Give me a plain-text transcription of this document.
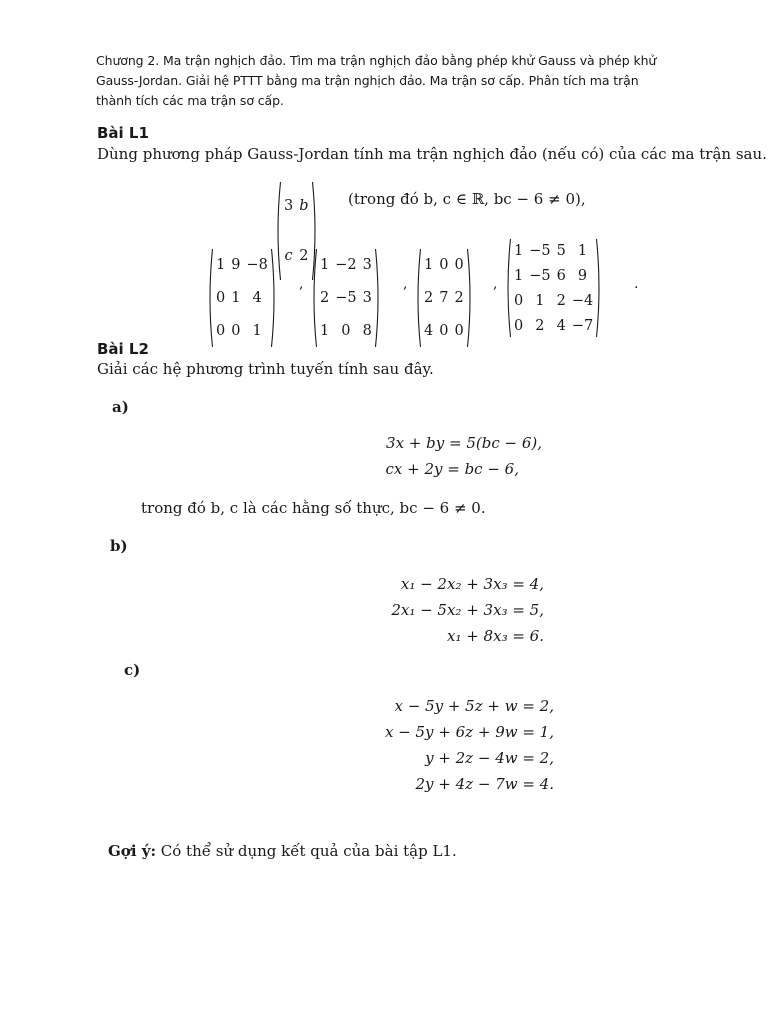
Chương 2. Ma trận nghịch đảo. Tìm ma trận nghịch đảo bằng phép khử Gauss và phép khử
Gauss-Jordan. Giải hệ PTTT bằng ma trận nghịch đảo. Ma trận sơ cấp. Phân tích ma trận
thành tích các ma trận sơ cấp.
Bài L1
Dùng phương pháp Gauss-Jordan tính ma trận nghịch đảo (nếu có) của các ma trận sau.
3	b
c	2
(trong đó b, c ∈ ℝ, bc − 6 ≠ 0),
1	9	−8
0	1	4
0	0	1
,
1	−2	3
2	−5	3
1	0	8
,
1	0	0
2	7	2
4	0	0
,
1	−5	5	1
1	−5	6	9
0	1	2	−4
0	2	4	−7
.
Bài L2
Giải các hệ phương trình tuyến tính sau đây.
a)
3x + by = 5(bc − 6),
cx + 2y = bc − 6,
trong đó b, c là các hằng số thực, bc − 6 ≠ 0.
b)
x₁ − 2x₂ + 3x₃ = 4,
2x₁ − 5x₂ + 3x₃ = 5,
x₁ + 8x₃ = 6.
c)
x − 5y + 5z + w = 2,
x − 5y + 6z + 9w = 1,
y + 2z − 4w = 2,
2y + 4z − 7w = 4.
Gợi ý: Có thể sử dụng kết quả của bài tập L1.
